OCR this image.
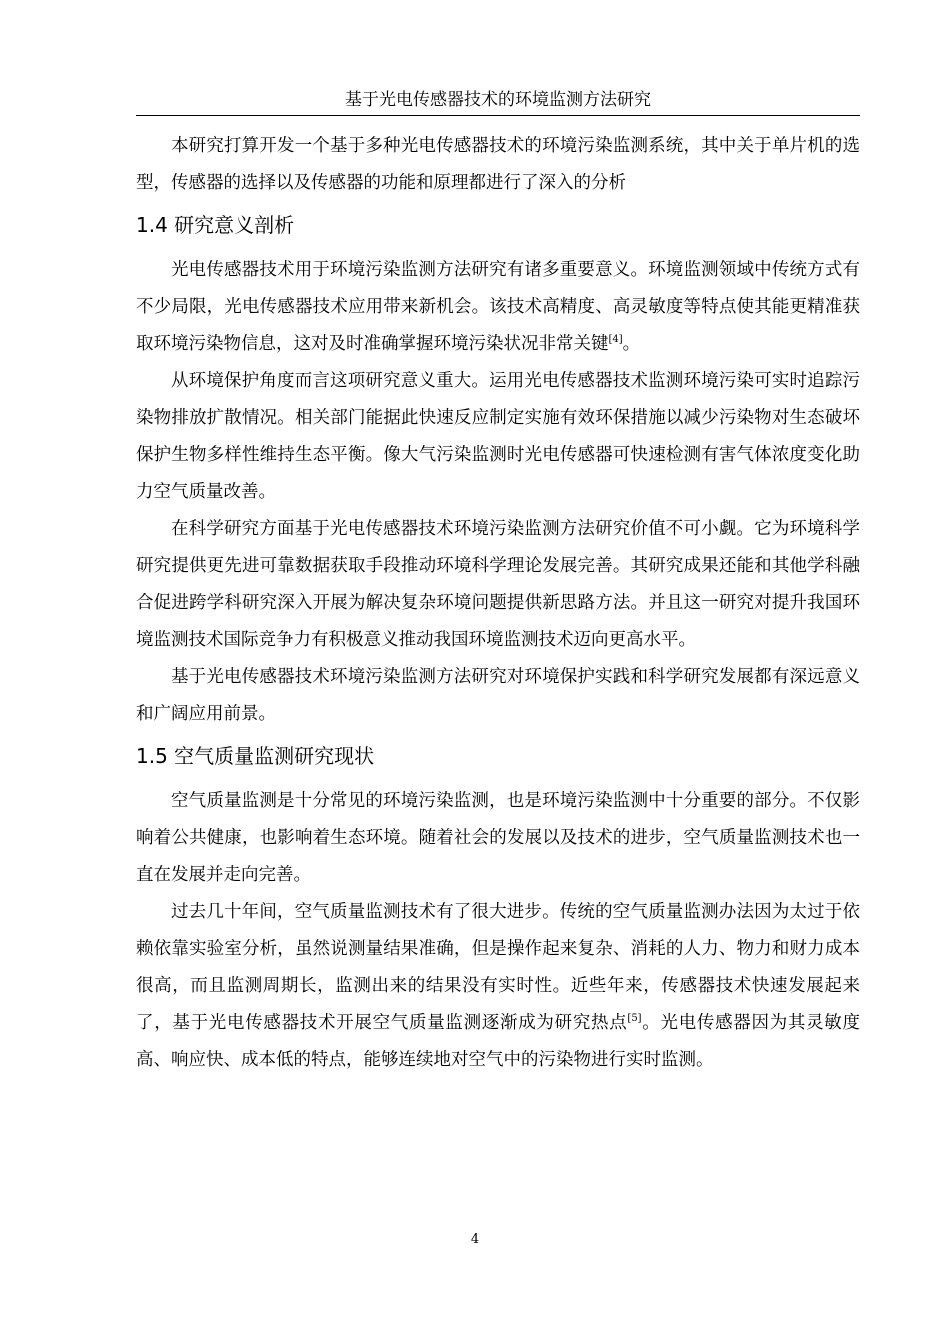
基于光电传感器技术的环境监测方法研究

本研究打算开发一个基于多种光电传感器技术的环境污染监测系统，其中关于单片机的选型，传感器的选择以及传感器的功能和原理都进行了深入的分析

1.4 研究意义剖析

光电传感器技术用于环境污染监测方法研究有诸多重要意义。环境监测领域中传统方式有不少局限，光电传感器技术应用带来新机会。该技术高精度、高灵敏度等特点使其能更精准获取环境污染物信息，这对及时准确掌握环境污染状况非常关键[4]。

从环境保护角度而言这项研究意义重大。运用光电传感器技术监测环境污染可实时追踪污染物排放扩散情况。相关部门能据此快速反应制定实施有效环保措施以减少污染物对生态破坏保护生物多样性维持生态平衡。像大气污染监测时光电传感器可快速检测有害气体浓度变化助力空气质量改善。

在科学研究方面基于光电传感器技术环境污染监测方法研究价值不可小觑。它为环境科学研究提供更先进可靠数据获取手段推动环境科学理论发展完善。其研究成果还能和其他学科融合促进跨学科研究深入开展为解决复杂环境问题提供新思路方法。并且这一研究对提升我国环境监测技术国际竞争力有积极意义推动我国环境监测技术迈向更高水平。

基于光电传感器技术环境污染监测方法研究对环境保护实践和科学研究发展都有深远意义和广阔应用前景。

1.5 空气质量监测研究现状

空气质量监测是十分常见的环境污染监测，也是环境污染监测中十分重要的部分。不仅影响着公共健康，也影响着生态环境。随着社会的发展以及技术的进步，空气质量监测技术也一直在发展并走向完善。

过去几十年间，空气质量监测技术有了很大进步。传统的空气质量监测办法因为太过于依赖依靠实验室分析，虽然说测量结果准确，但是操作起来复杂、消耗的人力、物力和财力成本很高，而且监测周期长，监测出来的结果没有实时性。近些年来，传感器技术快速发展起来了，基于光电传感器技术开展空气质量监测逐渐成为研究热点[5]。光电传感器因为其灵敏度高、响应快、成本低的特点，能够连续地对空气中的污染物进行实时监测。

4
